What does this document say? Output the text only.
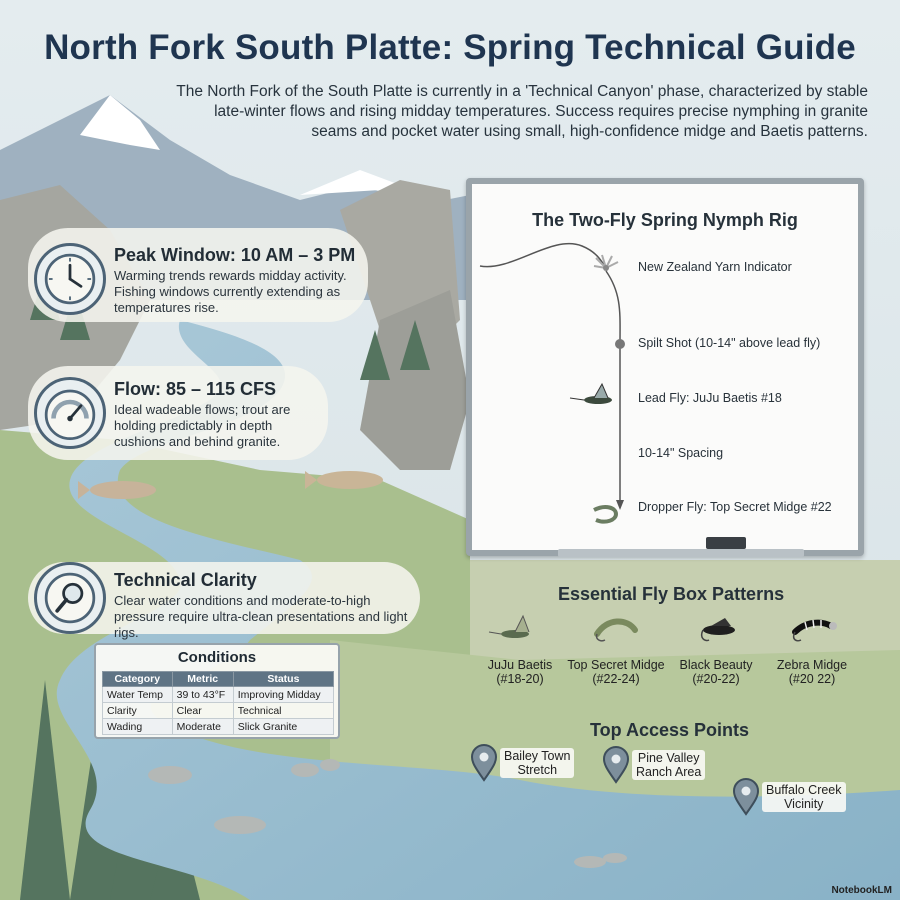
North Fork South Platte: Spring Technical Guide
The North Fork of the South Platte is currently in a 'Technical Canyon' phase, characterized by stable late-winter flows and rising midday temperatures. Success requires precise nymphing in granite seams and pocket water using small, high-confidence midge and Baetis patterns.
Peak Window: 10 AM – 3 PM
Warming trends rewards midday activity. Fishing windows currently extending as temperatures rise.
Flow: 85 – 115 CFS
Ideal wadeable flows; trout are holding predictably in depth cushions and behind granite.
Technical Clarity
Clear water conditions and moderate-to-high pressure require ultra-clean presentations and light rigs.
The Two-Fly Spring Nymph Rig
New Zealand Yarn Indicator
Spilt Shot (10-14" above lead fly)
Lead Fly: JuJu Baetis #18
10-14" Spacing
Dropper Fly: Top Secret Midge #22
Essential Fly Box Patterns
JuJu Baetis
(#18-20)
Top Secret Midge
(#22-24)
Black Beauty
(#20-22)
Zebra Midge
(#20 22)
Conditions
Category	Metric	Status
Water Temp	39 to 43°F	Improving Midday
Clarity	Clear	Technical
Wading	Moderate	Slick Granite	Top Access Points
Bailey Town
Stretch
Pine Valley
Ranch Area
Buffalo Creek
Vicinity
NotebookLM
